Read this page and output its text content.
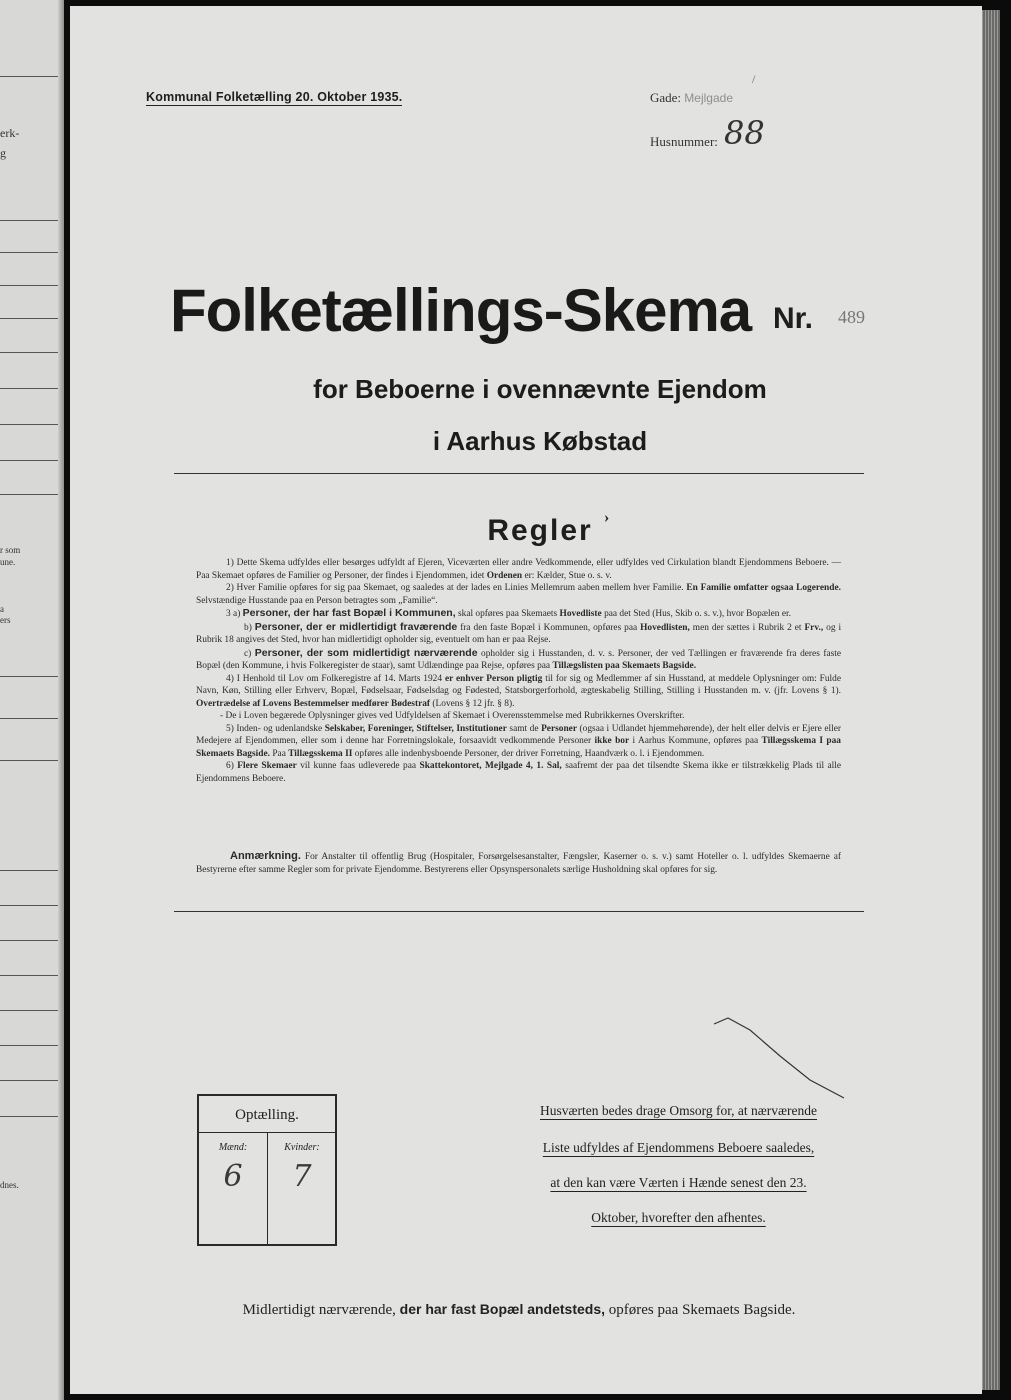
erk-
g
r som
une.
a
ers
dnes.
Kommunal Folketælling 20. Oktober 1935.	Gade: Mejlgade
/
Husnummer: 88
Folketællings-Skema Nr. 489
for Beboerne i ovennævnte Ejendom
i Aarhus Købstad
Regler ›

1) Dette Skema udfyldes eller besørges udfyldt af Ejeren, Viceværten eller andre Vedkommende, eller udfyldes ved Cirkulation blandt Ejendommens Beboere. — Paa Skemaet opføres de Familier og Personer, der findes i Ejendommen, idet Ordenen er: Kælder, Stue o. s. v.

2) Hver Familie opføres for sig paa Skemaet, og saaledes at der lades en Linies Mellemrum aaben mellem hver Familie. En Familie omfatter ogsaa Logerende. Selvstændige Husstande paa en Person betragtes som „Familie“.

3 a) Personer, der har fast Bopæl i Kommunen, skal opføres paa Skemaets Hovedliste paa det Sted (Hus, Skib o. s. v.), hvor Bopælen er.

b) Personer, der er midlertidigt fraværende fra den faste Bopæl i Kommunen, opføres paa Hovedlisten, men der sættes i Rubrik 2 et Frv., og i Rubrik 18 angives det Sted, hvor han midlertidigt opholder sig, eventuelt om han er paa Rejse.

c) Personer, der som midlertidigt nærværende opholder sig i Husstanden, d. v. s. Personer, der ved Tællingen er fraværende fra deres faste Bopæl (den Kommune, i hvis Folkeregister de staar), samt Udlændinge paa Rejse, opføres paa Tillægslisten paa Skemaets Bagside.

4) I Henhold til Lov om Folkeregistre af 14. Marts 1924 er enhver Person pligtig til for sig og Medlemmer af sin Husstand, at meddele Oplysninger om: Fulde Navn, Køn, Stilling eller Erhverv, Bopæl, Fødselsaar, Fødselsdag og Fødested, Statsborgerforhold, ægteskabelig Stilling, Stilling i Husstanden m. v. (jfr. Lovens § 1). Overtrædelse af Lovens Bestemmelser medfører Bødestraf (Lovens § 12 jfr. § 8).

- De i Loven begærede Oplysninger gives ved Udfyldelsen af Skemaet i Overensstemmelse med Rubrikkernes Overskrifter.

5) Inden- og udenlandske Selskaber, Foreninger, Stiftelser, Institutioner samt de Personer (ogsaa i Udlandet hjemmehørende), der helt eller delvis er Ejere eller Medejere af Ejendommen, eller som i denne har Forretningslokale, forsaavidt vedkommende Personer ikke bor i Aarhus Kommune, opføres paa Tillægsskema I paa Skemaets Bagside. Paa Tillægsskema II opføres alle indenbysboende Personer, der driver Forretning, Haandværk o. l. i Ejendommen.

6) Flere Skemaer vil kunne faas udleverede paa Skattekontoret, Mejlgade 4, 1. Sal, saafremt der paa det tilsendte Skema ikke er tilstrækkelig Plads til alle Ejendommens Beboere.

Anmærkning. For Anstalter til offentlig Brug (Hospitaler, Forsørgelsesanstalter, Fængsler, Kaserner o. s. v.) samt Hoteller o. l. udfyldes Skemaerne af Bestyrerne efter samme Regler som for private Ejendomme. Bestyrerens eller Opsynspersonalets særlige Husholdning skal opføres for sig.

Optælling.
Mænd:
6
Kvinder:
7
Husværten bedes drage Omsorg for, at nærværende
Liste udfyldes af Ejendommens Beboere saaledes,
at den kan være Værten i Hænde senest den 23.
Oktober, hvorefter den afhentes.
Midlertidigt nærværende, der har fast Bopæl andetsteds, opføres paa Skemaets Bagside.
